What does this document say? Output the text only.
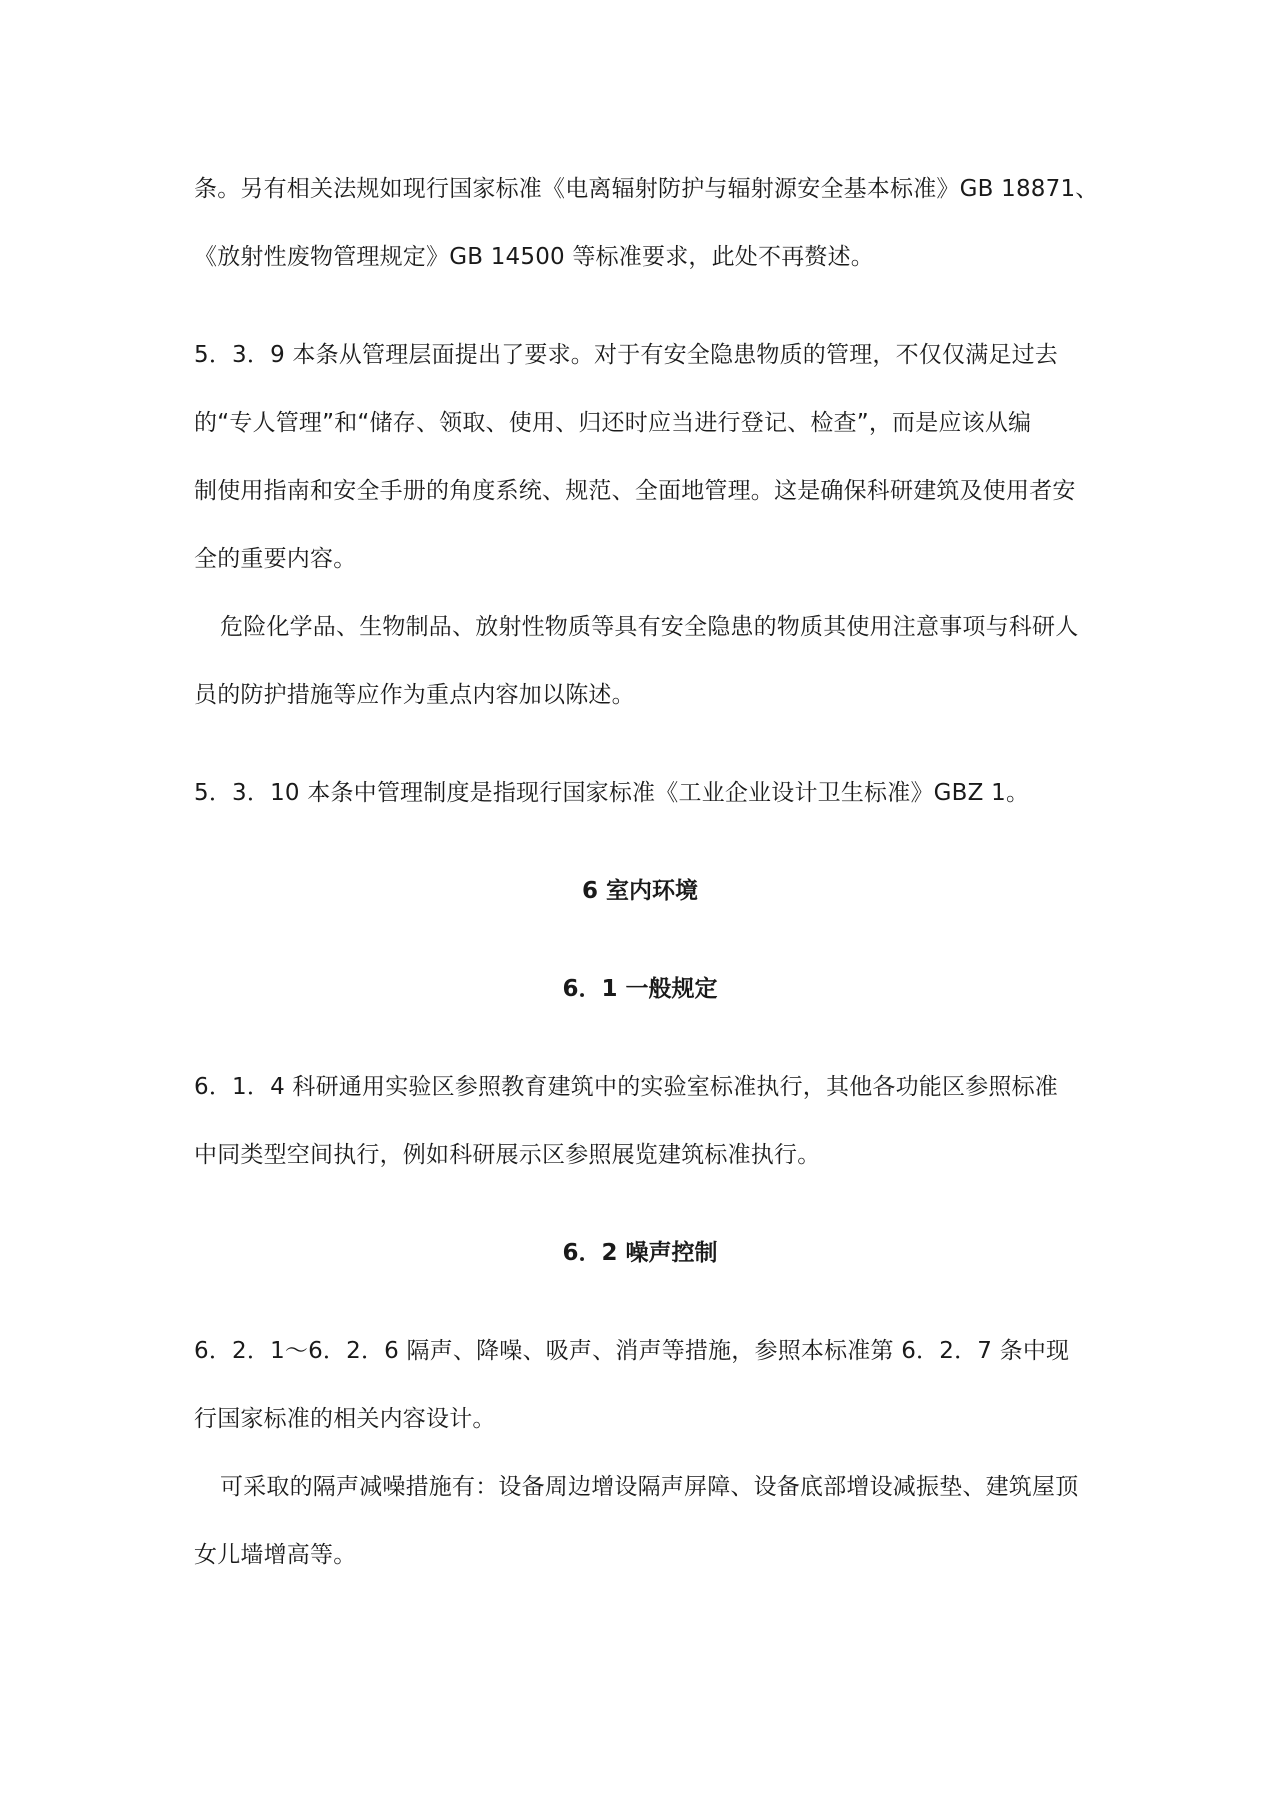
条。另有相关法规如现行国家标准《电离辐射防护与辐射源安全基本标准》GB 18871、
《放射性废物管理规定》GB 14500 等标准要求，此处不再赘述。
5．3．9 本条从管理层面提出了要求。对于有安全隐患物质的管理，不仅仅满足过去
的“专人管理”和“储存、领取、使用、归还时应当进行登记、检查”，而是应该从编
制使用指南和安全手册的角度系统、规范、全面地管理。这是确保科研建筑及使用者安
全的重要内容。
危险化学品、生物制品、放射性物质等具有安全隐患的物质其使用注意事项与科研人
员的防护措施等应作为重点内容加以陈述。
5．3．10 本条中管理制度是指现行国家标准《工业企业设计卫生标准》GBZ 1。
6 室内环境
6．1 一般规定
6．1．4 科研通用实验区参照教育建筑中的实验室标准执行，其他各功能区参照标准
中同类型空间执行，例如科研展示区参照展览建筑标准执行。
6．2 噪声控制
6．2．1～6．2．6 隔声、降噪、吸声、消声等措施，参照本标准第 6．2．7 条中现
行国家标准的相关内容设计。
可采取的隔声减噪措施有：设备周边增设隔声屏障、设备底部增设减振垫、建筑屋顶
女儿墙增高等。
